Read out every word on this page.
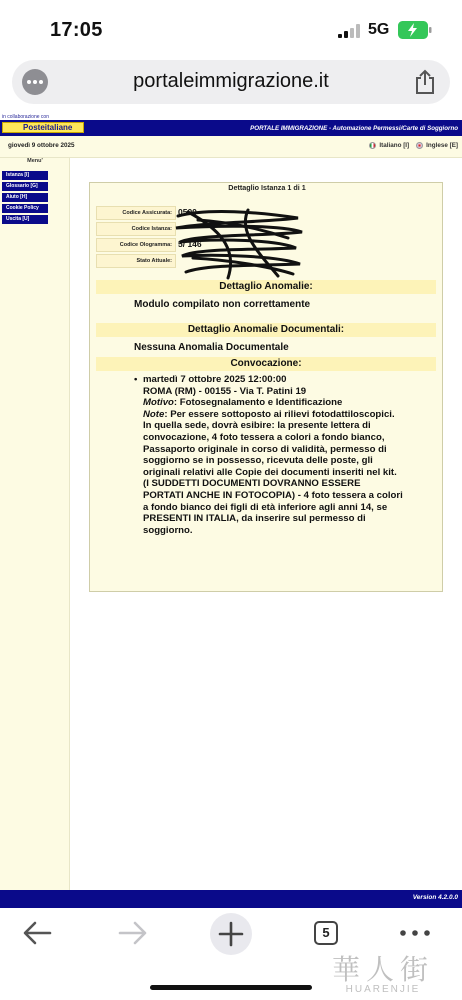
17:05	5G
portaleimmigrazione.it
in collaborazione con
Posteitaliane	PORTALE IMMIGRAZIONE - Automazione Permessi/Carte di Soggiorno
giovedì 9 ottobre 2025	Italiano [I]	Inglese [E]
Menu'
Istanza [I]
Glossario [G]
Aiuto [H]
Cookie Policy
Uscita [U]
Dettaglio Istanza 1 di 1
Codice Assicurata: 0500
Codice Istanza:
Codice Ologramma: 5/ 146
Stato Attuale:
Dettaglio Anomalie:
Modulo compilato non correttamente
Dettaglio Anomalie Documentali:
Nessuna Anomalia Documentale
Convocazione:
• martedì 7 ottobre 2025 12:00:00
ROMA (RM) - 00155 - Via T. Patini 19
Motivo: Fotosegnalamento e Identificazione
Note: Per essere sottoposto ai rilievi fotodattiloscopici. In quella sede, dovrà esibire: la presente lettera di convocazione, 4 foto tessera a colori a fondo bianco, Passaporto originale in corso di validità, permesso di soggiorno se in possesso, ricevuta delle poste, gli originali relativi alle Copie dei documenti inseriti nel kit. (I SUDDETTI DOCUMENTI DOVRANNO ESSERE PORTATI ANCHE IN FOTOCOPIA) - 4 foto tessera a colori a fondo bianco dei figli di età inferiore agli anni 14, se PRESENTI IN ITALIA, da inserire sul permesso di soggiorno.
Version 4.2.0.0
5
華人街
HUARENJIE
